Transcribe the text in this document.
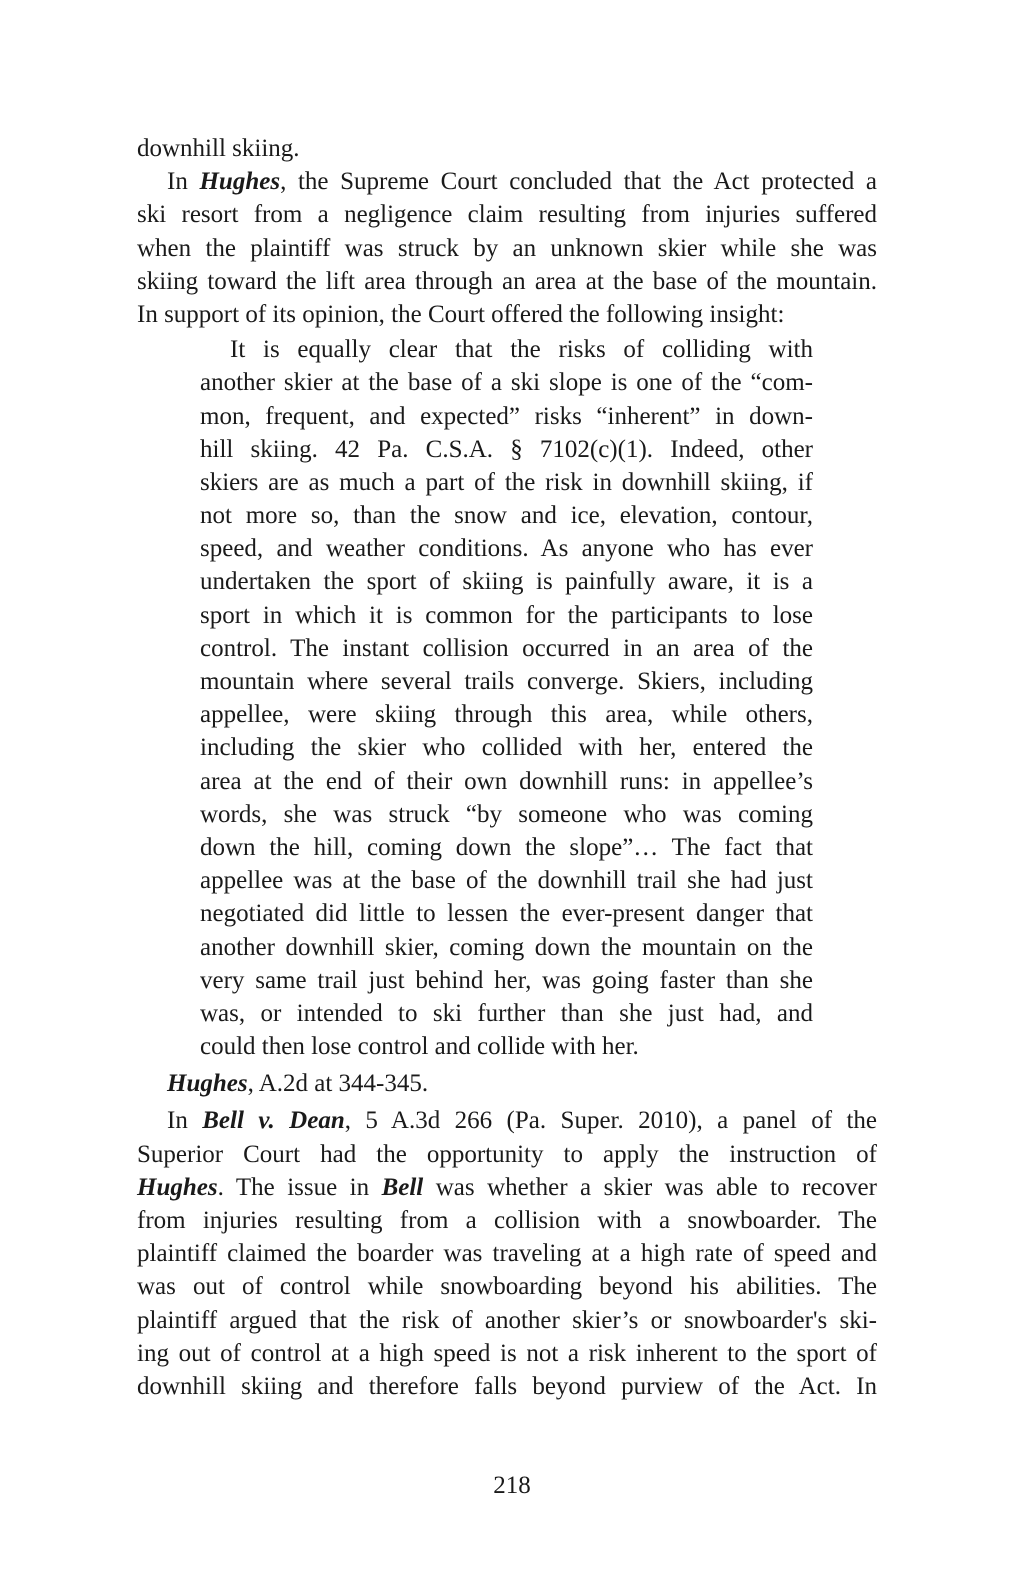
downhill skiing.
In Hughes, the Supreme Court concluded that the Act protected a
ski resort from a negligence claim resulting from injuries suffered
when the plaintiff was struck by an unknown skier while she was
skiing toward the lift area through an area at the base of the mountain.
In support of its opinion, the Court offered the following insight:
It is equally clear that the risks of colliding with
another skier at the base of a ski slope is one of the “com-
mon, frequent, and expected” risks “inherent” in down-
hill skiing. 42 Pa. C.S.A. § 7102(c)(1). Indeed, other
skiers are as much a part of the risk in downhill skiing, if
not more so, than the snow and ice, elevation, contour,
speed, and weather conditions. As anyone who has ever
undertaken the sport of skiing is painfully aware, it is a
sport in which it is common for the participants to lose
control. The instant collision occurred in an area of the
mountain where several trails converge. Skiers, including
appellee, were skiing through this area, while others,
including the skier who collided with her, entered the
area at the end of their own downhill runs: in appellee’s
words, she was struck “by someone who was coming
down the hill, coming down the slope”… The fact that
appellee was at the base of the downhill trail she had just
negotiated did little to lessen the ever-present danger that
another downhill skier, coming down the mountain on the
very same trail just behind her, was going faster than she
was, or intended to ski further than she just had, and
could then lose control and collide with her.
Hughes, A.2d at 344-345.
In Bell v. Dean, 5 A.3d 266 (Pa. Super. 2010), a panel of the
Superior Court had the opportunity to apply the instruction of
Hughes. The issue in Bell was whether a skier was able to recover
from injuries resulting from a collision with a snowboarder. The
plaintiff claimed the boarder was traveling at a high rate of speed and
was out of control while snowboarding beyond his abilities. The
plaintiff argued that the risk of another skier’s or snowboarder's ski-
ing out of control at a high speed is not a risk inherent to the sport of
downhill skiing and therefore falls beyond purview of the Act. In
218
